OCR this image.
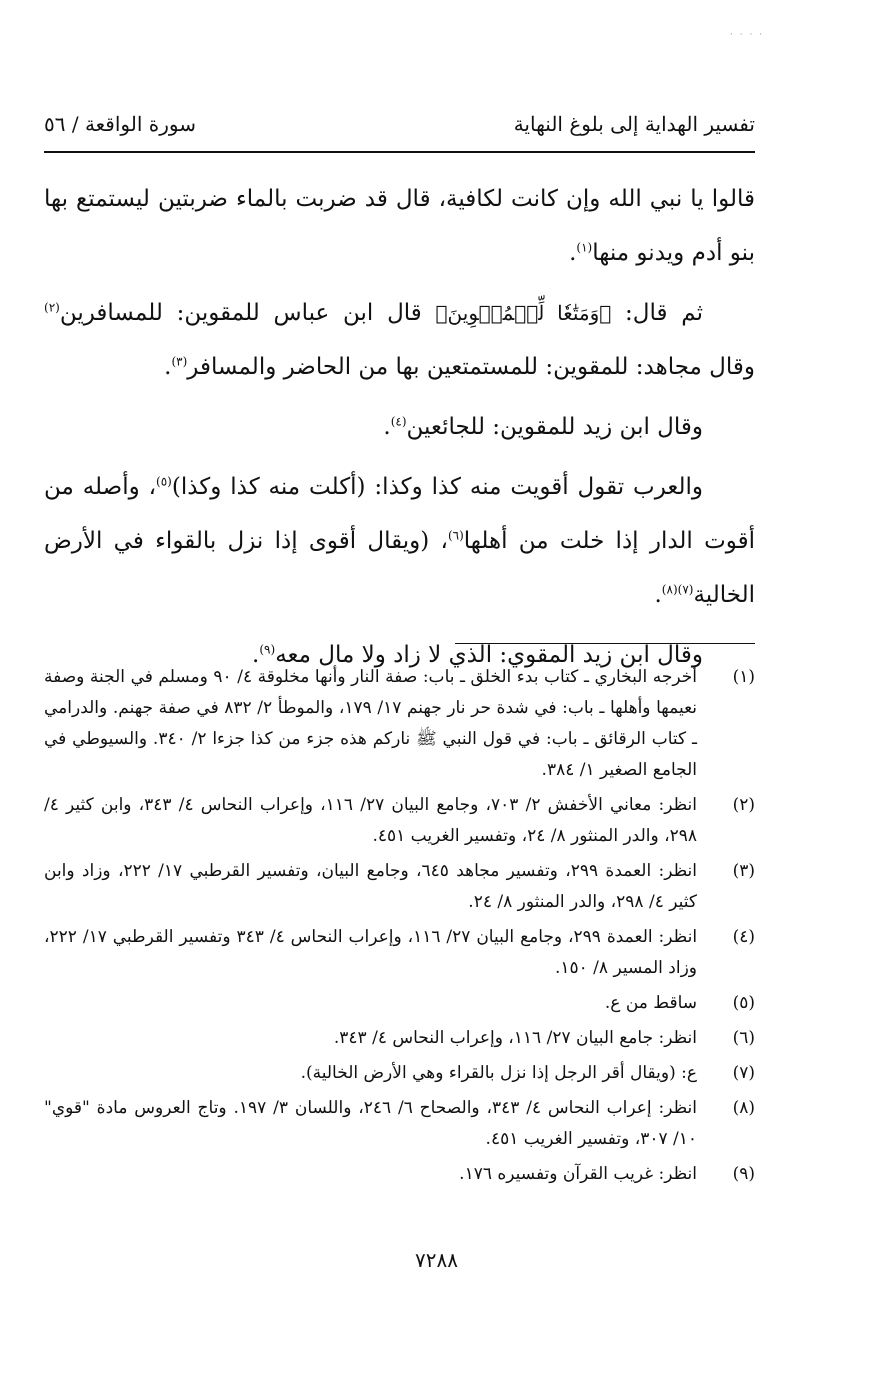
· · · ·
تفسير الهداية إلى بلوغ النهاية
سورة الواقعة / ٥٦

قالوا يا نبي الله وإن كانت لكافية، قال قد ضربت بالماء ضربتين ليستمتع بها بنو أدم ويدنو منها$^{(١)}$.

ثم قال: ﴿وَمَتَٰعٗا لِّلۡمُقۡوِينَ﴾ قال ابن عباس للمقوين: للمسافرين$^{(٢)}$ وقال مجاهد: للمقوين: للمستمتعين بها من الحاضر والمسافر$^{(٣)}$.

وقال ابن زيد للمقوين: للجائعين$^{(٤)}$.

والعرب تقول أقويت منه كذا وكذا: (أكلت منه كذا وكذا)$^{(٥)}$، وأصله من أقوت الدار إذا خلت من أهلها$^{(٦)}$، (ويقال أقوى إذا نزل بالقواء في الأرض الخالية$^{(٧)(٨)}$.

وقال ابن زيد المقوي: الذي لا زاد ولا مال معه$^{(٩)}$.

(١)
أخرجه البخاري ـ كتاب بدء الخلق ـ باب: صفة النار وأنها مخلوقة ٤/ ٩٠ ومسلم في الجنة وصفة نعيمها وأهلها ـ باب: في شدة حر نار جهنم ١٧/ ١٧٩، والموطأ ٢/ ٨٣٢ في صفة جهنم. والدرامي ـ كتاب الرقائق ـ باب: في قول النبي ﷺ ناركم هذه جزء من كذا جزءا ٢/ ٣٤٠. والسيوطي في الجامع الصغير ١/ ٣٨٤.
(٢)
انظر: معاني الأخفش ٢/ ٧٠٣، وجامع البيان ٢٧/ ١١٦، وإعراب النحاس ٤/ ٣٤٣، وابن كثير ٤/ ٢٩٨، والدر المنثور ٨/ ٢٤، وتفسير الغريب ٤٥١.
(٣)
انظر: العمدة ٢٩٩، وتفسير مجاهد ٦٤٥، وجامع البيان، وتفسير القرطبي ١٧/ ٢٢٢، وزاد وابن كثير ٤/ ٢٩٨، والدر المنثور ٨/ ٢٤.
(٤)
انظر: العمدة ٢٩٩، وجامع البيان ٢٧/ ١١٦، وإعراب النحاس ٤/ ٣٤٣ وتفسير القرطبي ١٧/ ٢٢٢، وزاد المسير ٨/ ١٥٠.
(٥)
ساقط من ع.
(٦)
انظر: جامع البيان ٢٧/ ١١٦، وإعراب النحاس ٤/ ٣٤٣.
(٧)
ع: (ويقال أقر الرجل إذا نزل بالقراء وهي الأرض الخالية).
(٨)
انظر: إعراب النحاس ٤/ ٣٤٣، والصحاح ٦/ ٢٤٦، واللسان ٣/ ١٩٧. وتاج العروس مادة "قوي" ١٠/ ٣٠٧، وتفسير الغريب ٤٥١.
(٩)
انظر: غريب القرآن وتفسيره ١٧٦.
٧٢٨٨
